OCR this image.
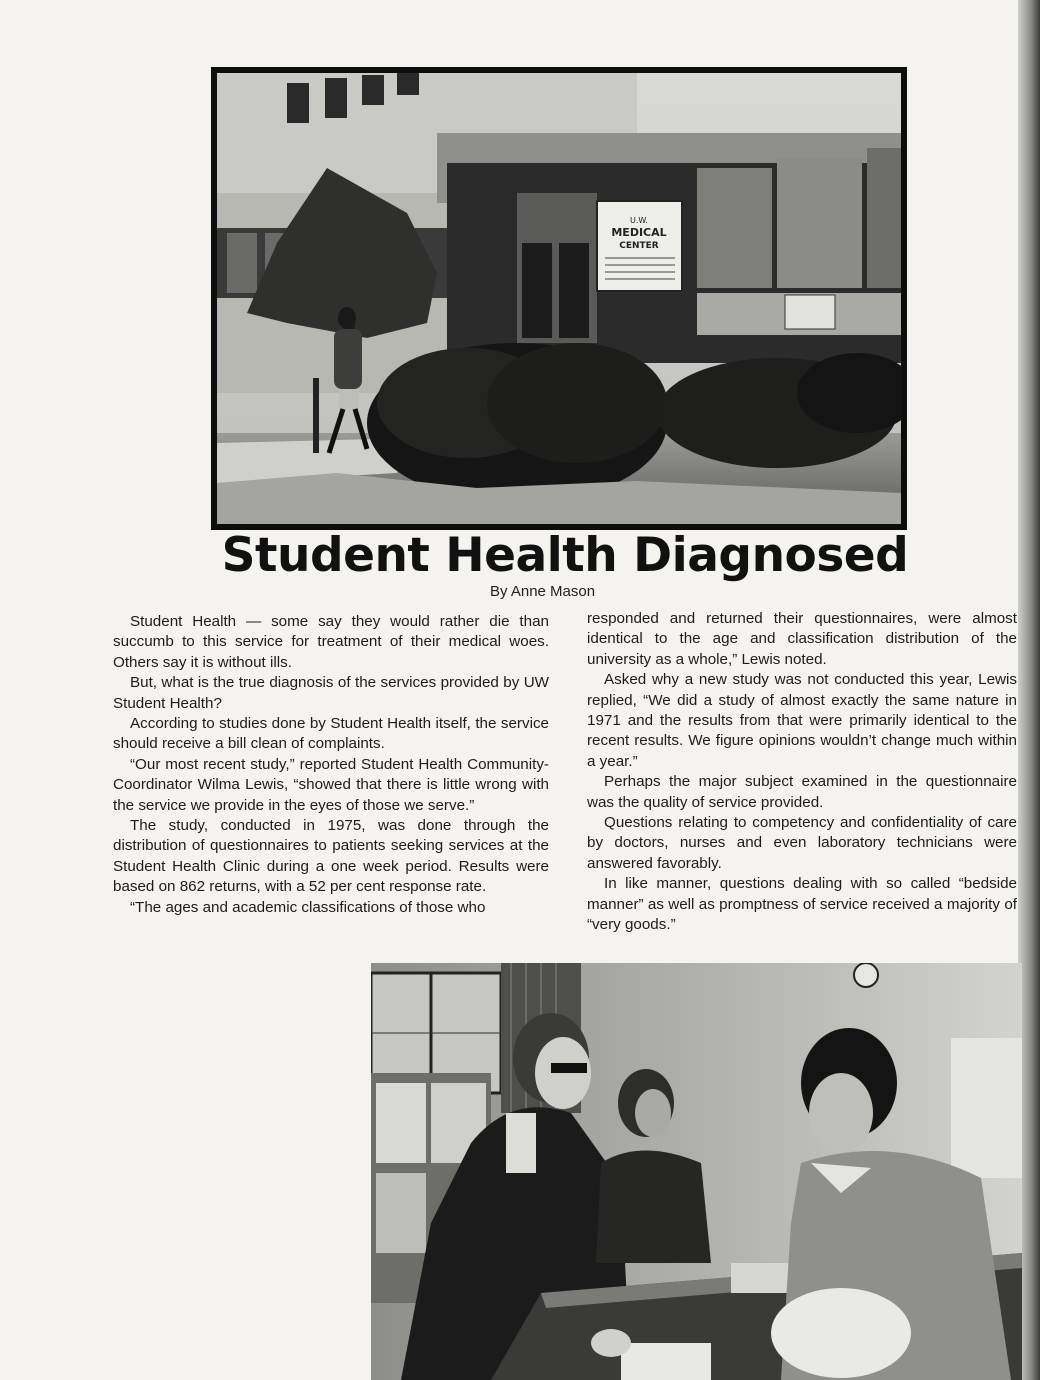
U.W.
MEDICAL
CENTER
Student Health Diagnosed
By Anne Mason

Student Health — some say they would rather die than succumb to this service for treatment of their medical woes. Others say it is without ills.

But, what is the true diagnosis of the services provided by UW Student Health?

According to studies done by Student Health itself, the service should receive a bill clean of complaints.

“Our most recent study,” reported Student Health Community-Coordinator Wilma Lewis, “showed that there is little wrong with the service we provide in the eyes of those we serve.”

The study, conducted in 1975, was done through the distribution of questionnaires to patients seeking services at the Student Health Clinic during a one week period. Results were based on 862 returns, with a 52 per cent response rate.

“The ages and academic classifications of those who

responded and returned their questionnaires, were almost identical to the age and classification distribution of the university as a whole,” Lewis noted.

Asked why a new study was not conducted this year, Lewis replied, “We did a study of almost exactly the same nature in 1971 and the results from that were primarily identical to the recent results. We figure opinions wouldn’t change much within a year.”

Perhaps the major subject examined in the questionnaire was the quality of service provided.

Questions relating to competency and confidentiality of care by doctors, nurses and even laboratory technicians were answered favorably.

In like manner, questions dealing with so called “bedside manner” as well as promptness of service received a majority of “very goods.”
